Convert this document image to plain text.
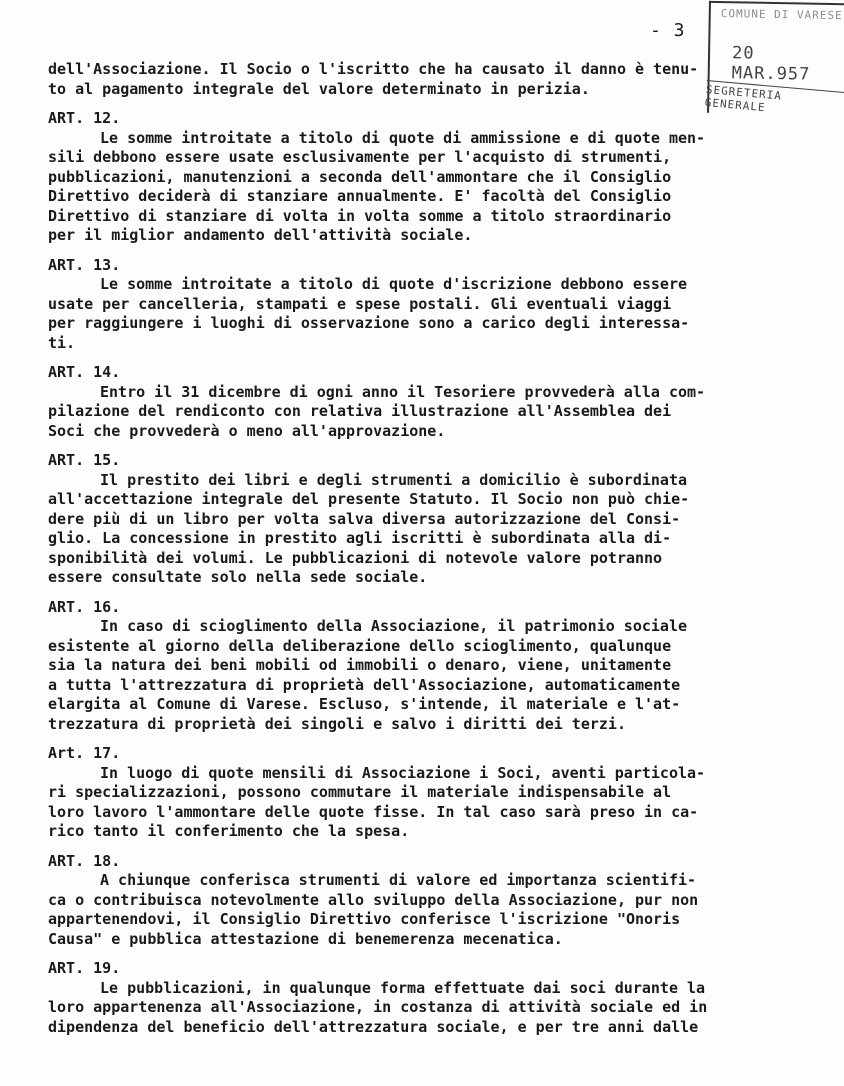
- 3
COMUNE DI VARESE
20 MAR.957
SEGRETERIA GENERALE
dell'Associazione. Il Socio o l'iscritto che ha causato il danno è tenu-
to al pagamento integrale del valore determinato in perizia.
ART. 12.
Le somme introitate a titolo di quote di ammissione e di quote men-
sili debbono essere usate esclusivamente per l'acquisto di strumenti,
pubblicazioni, manutenzioni a seconda dell'ammontare che il Consiglio
Direttivo deciderà di stanziare annualmente. E' facoltà del Consiglio
Direttivo di stanziare di volta in volta somme a titolo straordinario
per il miglior andamento dell'attività sociale.
ART. 13.
Le somme introitate a titolo di quote d'iscrizione debbono essere
usate per cancelleria, stampati e spese postali. Gli eventuali viaggi
per raggiungere i luoghi di osservazione sono a carico degli interessa-
ti.
ART. 14.
Entro il 31 dicembre di ogni anno il Tesoriere provvederà alla com-
pilazione del rendiconto con relativa illustrazione all'Assemblea dei
Soci che provvederà o meno all'approvazione.
ART. 15.
Il prestito dei libri e degli strumenti a domicilio è subordinata
all'accettazione integrale del presente Statuto. Il Socio non può chie-
dere più di un libro per volta salva diversa autorizzazione del Consi-
glio. La concessione in prestito agli iscritti è subordinata alla di-
sponibilità dei volumi. Le pubblicazioni di notevole valore potranno
essere consultate solo nella sede sociale.
ART. 16.
In caso di scioglimento della Associazione, il patrimonio sociale
esistente al giorno della deliberazione dello scioglimento, qualunque
sia la natura dei beni mobili od immobili o denaro, viene, unitamente
a tutta l'attrezzatura di proprietà dell'Associazione, automaticamente
elargita al Comune di Varese. Escluso, s'intende, il materiale e l'at-
trezzatura di proprietà dei singoli e salvo i diritti dei terzi.
Art. 17.
In luogo di quote mensili di Associazione i Soci, aventi particola-
ri specializzazioni, possono commutare il materiale indispensabile al
loro lavoro l'ammontare delle quote fisse. In tal caso sarà preso in ca-
rico tanto il conferimento che la spesa.
ART. 18.
A chiunque conferisca strumenti di valore ed importanza scientifi-
ca o contribuisca notevolmente allo sviluppo della Associazione, pur non
appartenendovi, il Consiglio Direttivo conferisce l'iscrizione "Onoris
Causa" e pubblica attestazione di benemerenza mecenatica.
ART. 19.
Le pubblicazioni, in qualunque forma effettuate dai soci durante la
loro appartenenza all'Associazione, in costanza di attività sociale ed in
dipendenza del beneficio dell'attrezzatura sociale, e per tre anni dalle
